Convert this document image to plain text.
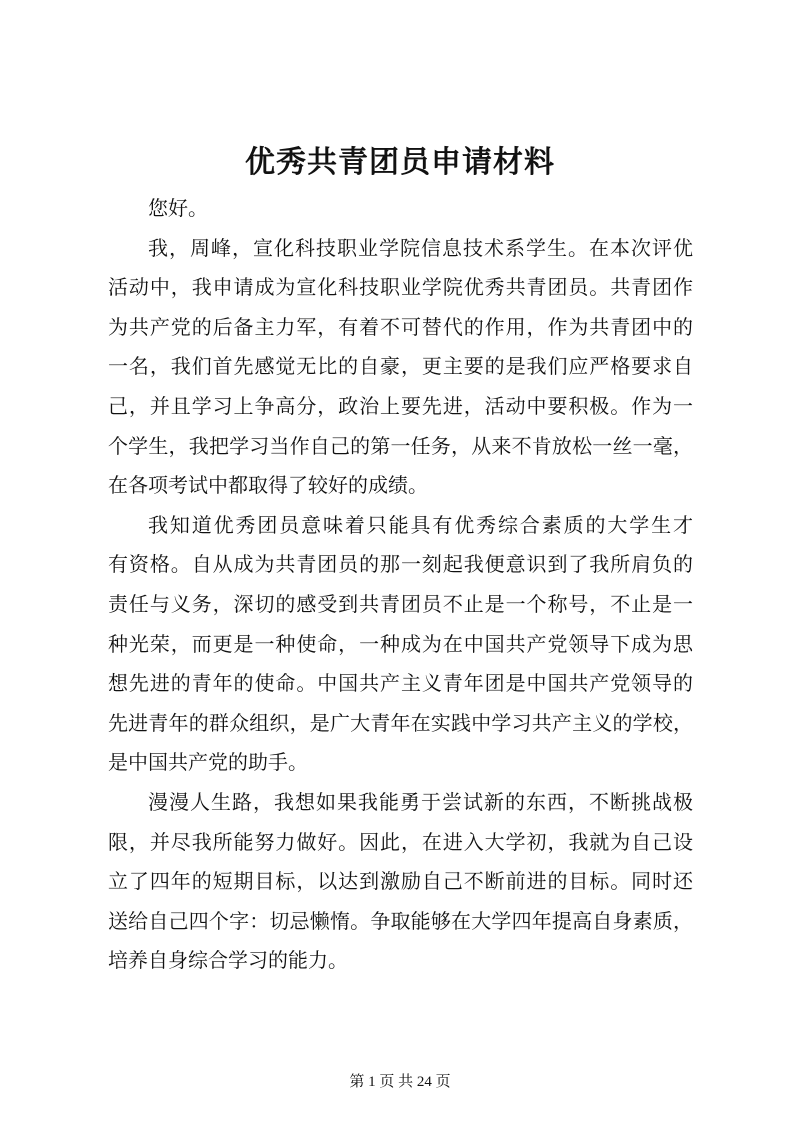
优秀共青团员申请材料
您好。
我，周峰，宣化科技职业学院信息技术系学生。在本次评优
活动中，我申请成为宣化科技职业学院优秀共青团员。共青团作
为共产党的后备主力军，有着不可替代的作用，作为共青团中的
一名，我们首先感觉无比的自豪，更主要的是我们应严格要求自
己，并且学习上争高分，政治上要先进，活动中要积极。作为一
个学生，我把学习当作自己的第一任务，从来不肯放松一丝一毫，
在各项考试中都取得了较好的成绩。
我知道优秀团员意味着只能具有优秀综合素质的大学生才
有资格。自从成为共青团员的那一刻起我便意识到了我所肩负的
责任与义务，深切的感受到共青团员不止是一个称号，不止是一
种光荣，而更是一种使命，一种成为在中国共产党领导下成为思
想先进的青年的使命。中国共产主义青年团是中国共产党领导的
先进青年的群众组织，是广大青年在实践中学习共产主义的学校，
是中国共产党的助手。
漫漫人生路，我想如果我能勇于尝试新的东西，不断挑战极
限，并尽我所能努力做好。因此，在进入大学初，我就为自己设
立了四年的短期目标，以达到激励自己不断前进的目标。同时还
送给自己四个字：切忌懒惰。争取能够在大学四年提高自身素质，
培养自身综合学习的能力。
第 1 页 共 24 页
